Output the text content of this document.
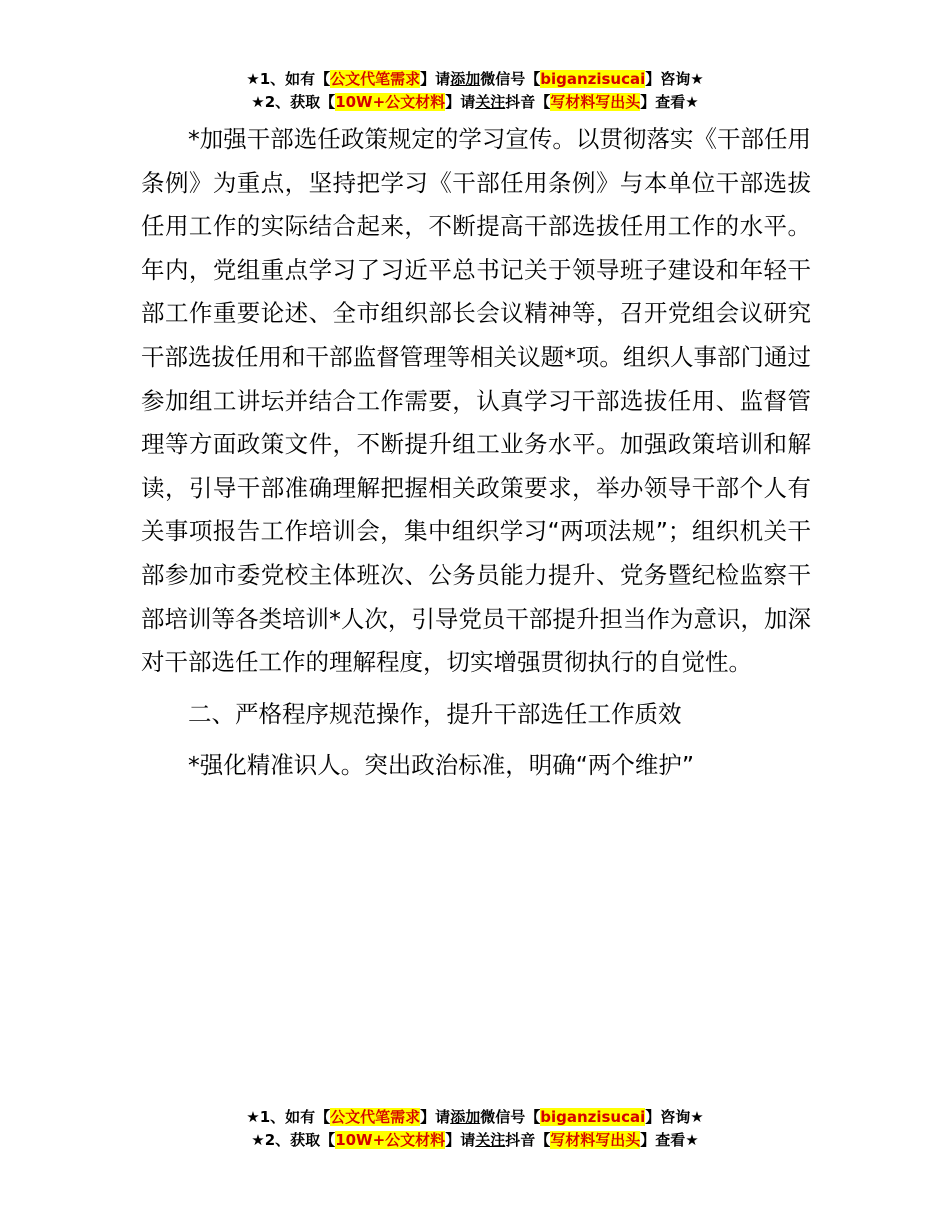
★1、如有【公文代笔需求】请添加微信号【biganzisucai】咨询★
★2、获取【10W+公文材料】请关注抖音【写材料写出头】查看★

*加强干部选任政策规定的学习宣传。以贯彻落实《干部任用条例》为重点，坚持把学习《干部任用条例》与本单位干部选拔任用工作的实际结合起来，不断提高干部选拔任用工作的水平。年内，党组重点学习了习近平总书记关于领导班子建设和年轻干部工作重要论述、全市组织部长会议精神等，召开党组会议研究干部选拔任用和干部监督管理等相关议题*项。组织人事部门通过参加组工讲坛并结合工作需要，认真学习干部选拔任用、监督管理等方面政策文件，不断提升组工业务水平。加强政策培训和解读，引导干部准确理解把握相关政策要求，举办领导干部个人有关事项报告工作培训会，集中组织学习“两项法规”；组织机关干部参加市委党校主体班次、公务员能力提升、党务暨纪检监察干部培训等各类培训*人次，引导党员干部提升担当作为意识，加深对干部选任工作的理解程度，切实增强贯彻执行的自觉性。

二、严格程序规范操作，提升干部选任工作质效

*强化精准识人。突出政治标准，明确“两个维护”

★1、如有【公文代笔需求】请添加微信号【biganzisucai】咨询★
★2、获取【10W+公文材料】请关注抖音【写材料写出头】查看★
